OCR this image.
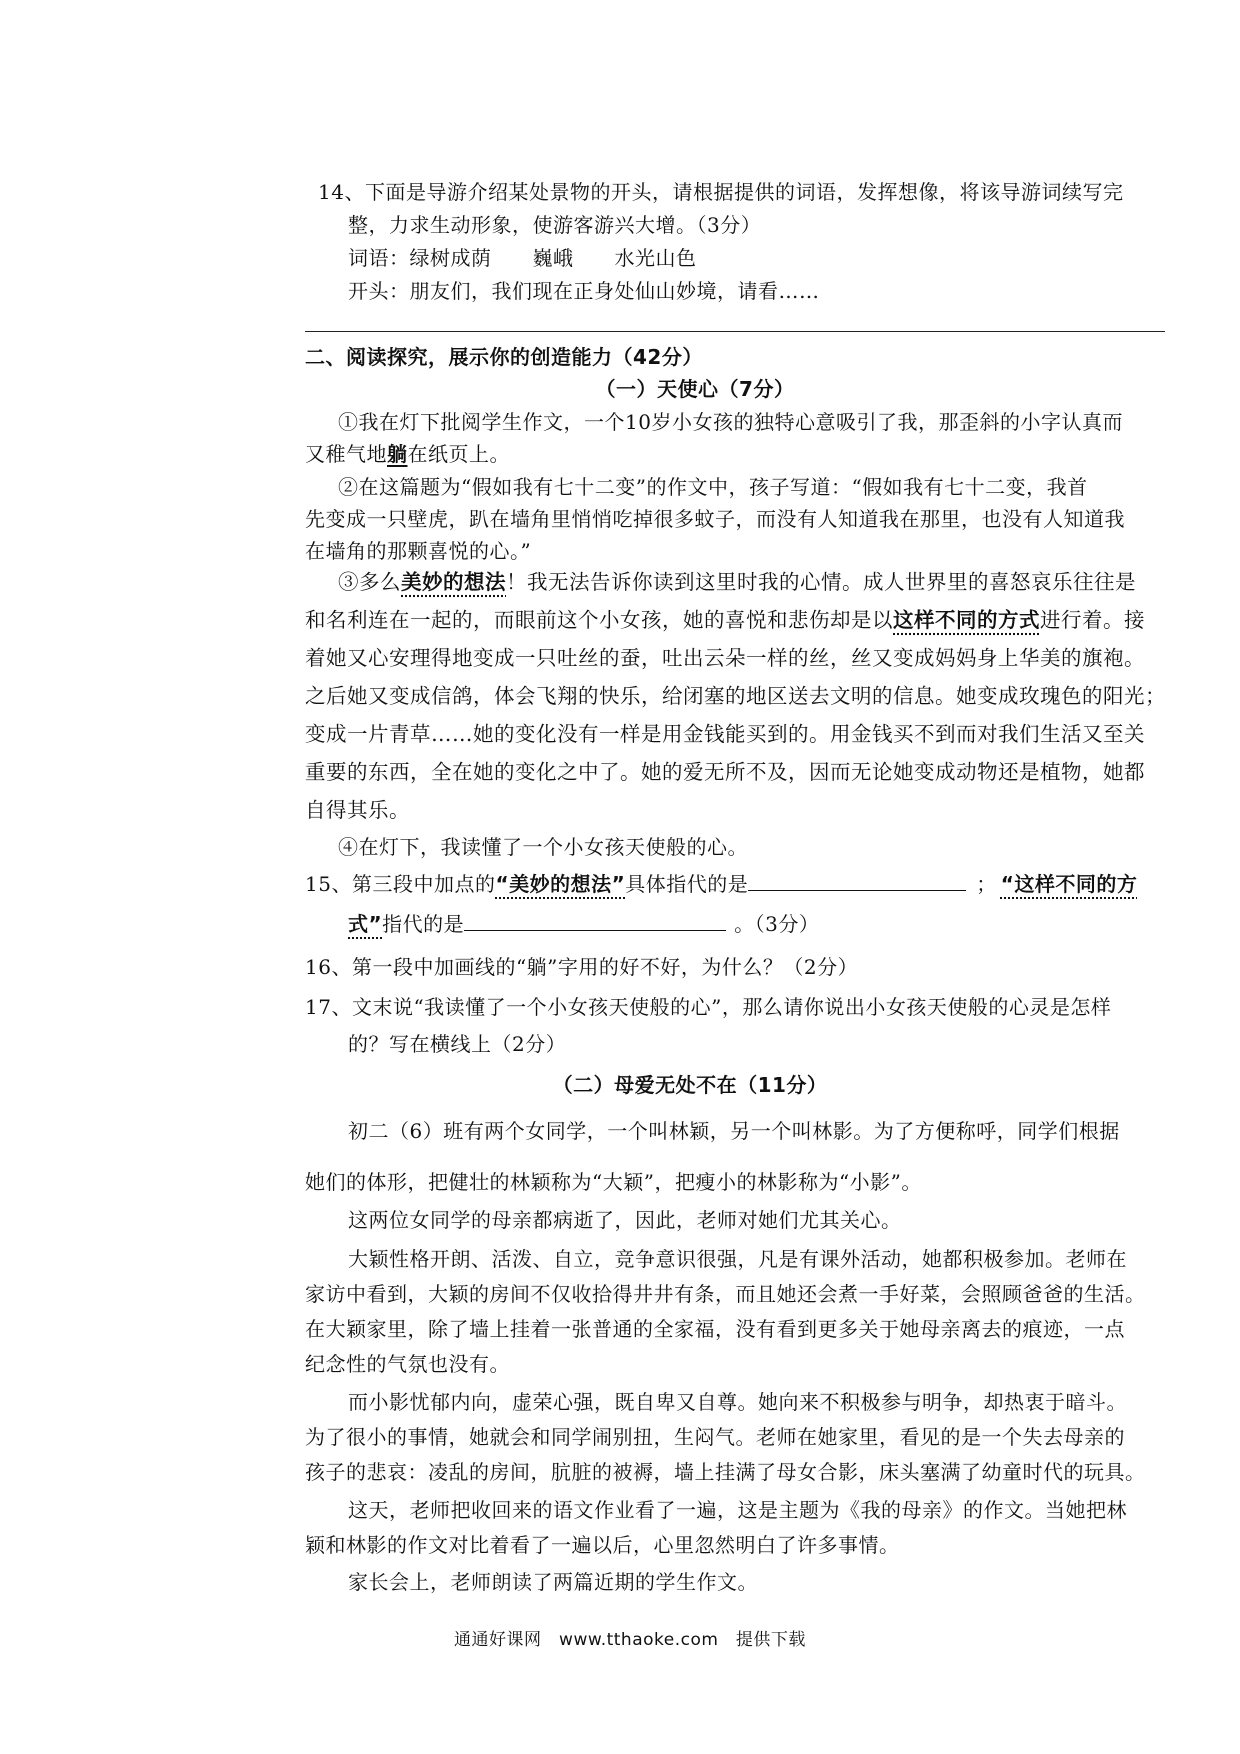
14、下面是导游介绍某处景物的开头，请根据提供的词语，发挥想像，将该导游词续写完
整，力求生动形象，使游客游兴大增。（3分）
词语：绿树成荫　　巍峨　　水光山色
开头：朋友们，我们现在正身处仙山妙境，请看……
二、阅读探究，展示你的创造能力（42分）
（一）天使心（7分）
①我在灯下批阅学生作文，一个10岁小女孩的独特心意吸引了我，那歪斜的小字认真而
又稚气地躺在纸页上。
②在这篇题为“假如我有七十二变”的作文中，孩子写道：“假如我有七十二变，我首
先变成一只壁虎，趴在墙角里悄悄吃掉很多蚊子，而没有人知道我在那里，也没有人知道我
在墙角的那颗喜悦的心。”
③多么美妙的想法！我无法告诉你读到这里时我的心情。成人世界里的喜怒哀乐往往是
和名利连在一起的，而眼前这个小女孩，她的喜悦和悲伤却是以这样不同的方式进行着。接
着她又心安理得地变成一只吐丝的蚕，吐出云朵一样的丝，丝又变成妈妈身上华美的旗袍。
之后她又变成信鸽，体会飞翔的快乐，给闭塞的地区送去文明的信息。她变成玫瑰色的阳光；
变成一片青草……她的变化没有一样是用金钱能买到的。用金钱买不到而对我们生活又至关
重要的东西，全在她的变化之中了。她的爱无所不及，因而无论她变成动物还是植物，她都
自得其乐。
④在灯下，我读懂了一个小女孩天使般的心。
15、第三段中加点的“美妙的想法”具体指代的是	； “这样不同的方
式”指代的是	。（3分）
16、第一段中加画线的“躺”字用的好不好，为什么？（2分）
17、文末说“我读懂了一个小女孩天使般的心”，那么请你说出小女孩天使般的心灵是怎样
的？写在横线上（2分）
（二）母爱无处不在（11分）
初二（6）班有两个女同学，一个叫林颖，另一个叫林影。为了方便称呼，同学们根据
她们的体形，把健壮的林颖称为“大颖”，把瘦小的林影称为“小影”。
这两位女同学的母亲都病逝了，因此，老师对她们尤其关心。
大颖性格开朗、活泼、自立，竞争意识很强，凡是有课外活动，她都积极参加。老师在
家访中看到，大颖的房间不仅收拾得井井有条，而且她还会煮一手好菜，会照顾爸爸的生活。
在大颖家里，除了墙上挂着一张普通的全家福，没有看到更多关于她母亲离去的痕迹，一点
纪念性的气氛也没有。
而小影忧郁内向，虚荣心强，既自卑又自尊。她向来不积极参与明争，却热衷于暗斗。
为了很小的事情，她就会和同学闹别扭，生闷气。老师在她家里，看见的是一个失去母亲的
孩子的悲哀：凌乱的房间，肮脏的被褥，墙上挂满了母女合影，床头塞满了幼童时代的玩具。
这天，老师把收回来的语文作业看了一遍，这是主题为《我的母亲》的作文。当她把林
颖和林影的作文对比着看了一遍以后，心里忽然明白了许多事情。
家长会上，老师朗读了两篇近期的学生作文。
通通好课网　www.tthaoke.com　提供下载
